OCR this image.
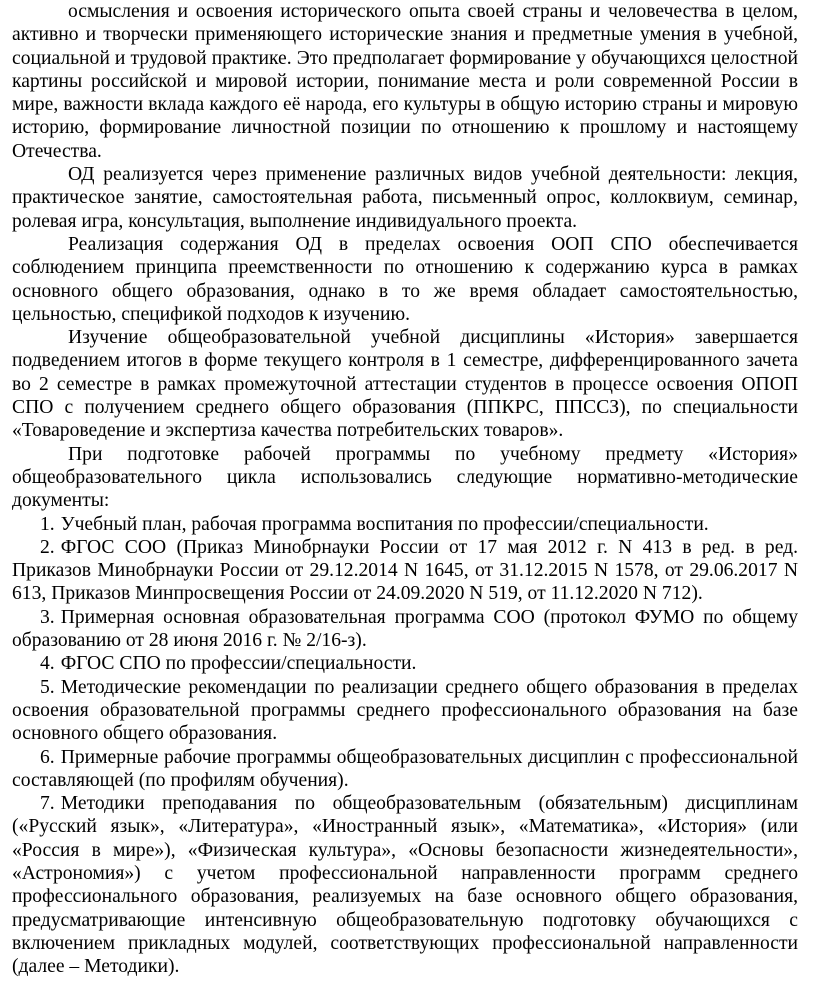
осмысления и освоения исторического опыта своей страны и человечества в целом, активно и творчески применяющего исторические знания и предметные умения в учебной, социальной и трудовой практике. Это предполагает формирование у обучающихся целостной картины российской и мировой истории, понимание места и роли современной России в мире, важности вклада каждого её народа, его культуры в общую историю страны и мировую историю, формирование личностной позиции по отношению к прошлому и настоящему Отечества.

ОД реализуется через применение различных видов учебной деятельности: лекция, практическое занятие, самостоятельная работа, письменный опрос, коллоквиум, семинар, ролевая игра, консультация, выполнение индивидуального проекта.

Реализация содержания ОД в пределах освоения ООП СПО обеспечивается соблюдением принципа преемственности по отношению к содержанию курса в рамках основного общего образования, однако в то же время обладает самостоятельностью, цельностью, спецификой подходов к изучению.

Изучение общеобразовательной учебной дисциплины «История» завершается подведением итогов в форме текущего контроля в 1 семестре, дифференцированного зачета во 2 семестре в рамках промежуточной аттестации студентов в процессе освоения ОПОП СПО с получением среднего общего образования (ППКРС, ППССЗ), по специальности «Товароведение и экспертиза качества потребительских товаров».

При подготовке рабочей программы по учебному предмету «История» общеобразовательного цикла использовались следующие нормативно-методические документы:

1. Учебный план, рабочая программа воспитания по профессии/специальности.

2. ФГОС СОО (Приказ Минобрнауки России от 17 мая 2012 г. N 413 в ред. в ред. Приказов Минобрнауки России от 29.12.2014 N 1645, от 31.12.2015 N 1578, от 29.06.2017 N 613, Приказов Минпросвещения России от 24.09.2020 N 519, от 11.12.2020 N 712).

3. Примерная основная образовательная программа СОО (протокол ФУМО по общему образованию от 28 июня 2016 г. № 2/16-з).

4. ФГОС СПО по профессии/специальности.

5. Методические рекомендации по реализации среднего общего образования в пределах освоения образовательной программы среднего профессионального образования на базе основного общего образования.

6. Примерные рабочие программы общеобразовательных дисциплин с профессиональной составляющей (по профилям обучения).

7. Методики преподавания по общеобразовательным (обязательным) дисциплинам («Русский язык», «Литература», «Иностранный язык», «Математика», «История» (или «Россия в мире»), «Физическая культура», «Основы безопасности жизнедеятельности», «Астрономия») с учетом профессиональной направленности программ среднего профессионального образования, реализуемых на базе основного общего образования, предусматривающие интенсивную общеобразовательную подготовку обучающихся с включением прикладных модулей, соответствующих профессиональной направленности (далее – Методики).
